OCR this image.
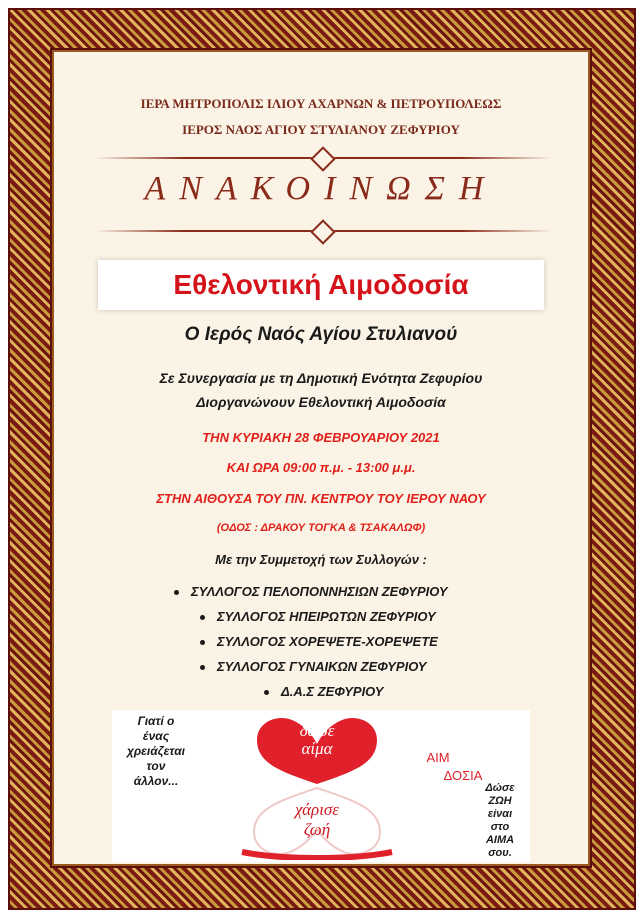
ΙΕΡΑ ΜΗΤΡΟΠΟΛΙΣ ΙΛΙΟΥ ΑΧΑΡΝΩΝ & ΠΕΤΡΟΥΠΟΛΕΩΣ
ΙΕΡΟΣ ΝΑΟΣ ΑΓΙΟΥ ΣΤΥΛΙΑΝΟΥ ΖΕΦΥΡΙΟΥ
ΑΝΑΚΟΙΝΩΣΗ
Εθελοντική Αιμοδοσία
Ο Ιερός Ναός Αγίου Στυλιανού
Σε Συνεργασία με τη Δημοτική Ενότητα Ζεφυρίου
Διοργανώνουν Εθελοντική Αιμοδοσία
ΤΗΝ ΚΥΡΙΑΚΗ 28 ΦΕΒΡΟΥΑΡΙΟΥ 2021
ΚΑΙ ΩΡΑ 09:00 π.μ. - 13:00 μ.μ.
ΣΤΗΝ ΑΙΘΟΥΣΑ ΤΟΥ ΠΝ. ΚΕΝΤΡΟΥ ΤΟΥ ΙΕΡΟΥ ΝΑΟΥ
(ΟΔΟΣ : ΔΡΑΚΟΥ ΤΟΓΚΑ & ΤΣΑΚΑΛΩΦ)
Με την Συμμετοχή των Συλλογών :
ΣΥΛΛΟΓΟΣ ΠΕΛΟΠΟΝΝΗΣΙΩΝ ΖΕΦΥΡΙΟΥ
ΣΥΛΛΟΓΟΣ ΗΠΕΙΡΩΤΩΝ ΖΕΦΥΡΙΟΥ
ΣΥΛΛΟΓΟΣ ΧΟΡΕΨΕΤΕ-ΧΟΡΕΨΕΤΕ
ΣΥΛΛΟΓΟΣ ΓΥΝΑΙΚΩΝ ΖΕΦΥΡΙΟΥ
Δ.Α.Σ ΖΕΦΥΡΙΟΥ
Γιατί ο
ένας
χρειάζεται
τον
άλλον...
δώσε
αίμα
χάρισε
ζωή
ΑΙΜ
ΔΟΣΙΑ
Δώσε
ΖΩΗ
είναι
στο
ΑΙΜΑ
σου.
